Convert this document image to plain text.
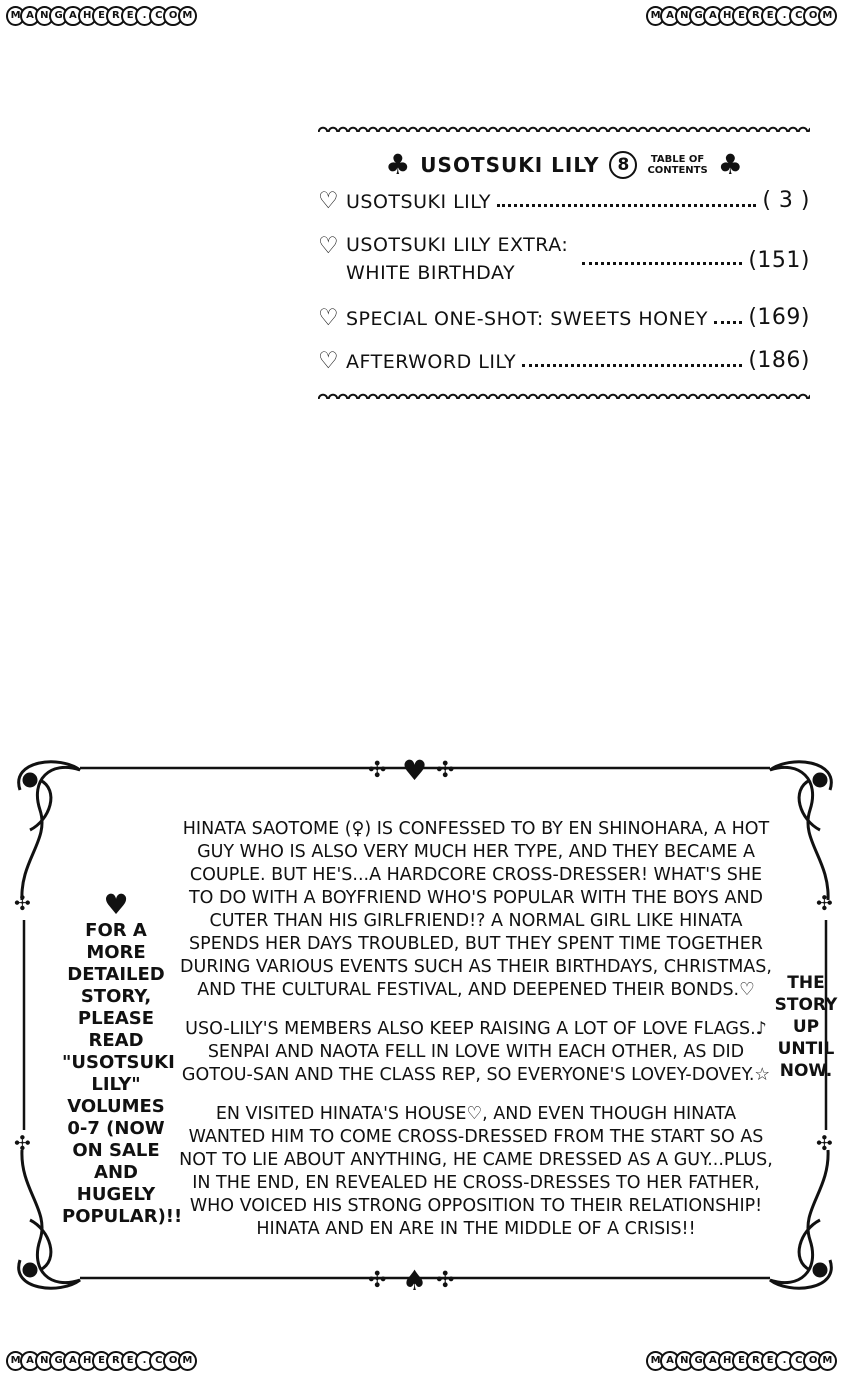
M A N G A H E R E . C O M	M A N G A H E R E . C O M
M A N G A H E R E . C O M	M A N G A H E R E . C O M
♣ USOTSUKI LILY	8	TABLE OF
CONTENTS ♣
♡ USOTSUKI LILY	( 3 )
♡ USOTSUKI LILY EXTRA: WHITE BIRTHDAY	(151)
♡ SPECIAL ONE-SHOT: SWEETS HONEY (169)
♡ AFTERWORD LILY	(186)
✣ ♥ ✣
✣ ♠ ✣
✣
✣
✣
✣
♥
FOR A MORE DETAILED STORY, PLEASE READ "USOTSUKI LILY" VOLUMES 0-7 (NOW ON SALE AND HUGELY POPULAR)!!

HINATA SAOTOME (♀) IS CONFESSED TO BY EN SHINOHARA, A HOT GUY WHO IS ALSO VERY MUCH HER TYPE, AND THEY BECAME A COUPLE. BUT HE'S...A HARDCORE CROSS-DRESSER! WHAT'S SHE TO DO WITH A BOYFRIEND WHO'S POPULAR WITH THE BOYS AND CUTER THAN HIS GIRLFRIEND!? A NORMAL GIRL LIKE HINATA SPENDS HER DAYS TROUBLED, BUT THEY SPENT TIME TOGETHER DURING VARIOUS EVENTS SUCH AS THEIR BIRTHDAYS, CHRISTMAS, AND THE CULTURAL FESTIVAL, AND DEEPENED THEIR BONDS.♡

USO-LILY'S MEMBERS ALSO KEEP RAISING A LOT OF LOVE FLAGS.♪ SENPAI AND NAOTA FELL IN LOVE WITH EACH OTHER, AS DID GOTOU-SAN AND THE CLASS REP, SO EVERYONE'S LOVEY-DOVEY.☆

EN VISITED HINATA'S HOUSE♡, AND EVEN THOUGH HINATA WANTED HIM TO COME CROSS-DRESSED FROM THE START SO AS NOT TO LIE ABOUT ANYTHING, HE CAME DRESSED AS A GUY...PLUS, IN THE END, EN REVEALED HE CROSS-DRESSES TO HER FATHER, WHO VOICED HIS STRONG OPPOSITION TO THEIR RELATIONSHIP! HINATA AND EN ARE IN THE MIDDLE OF A CRISIS!!

THE STORY UP UNTIL NOW.
